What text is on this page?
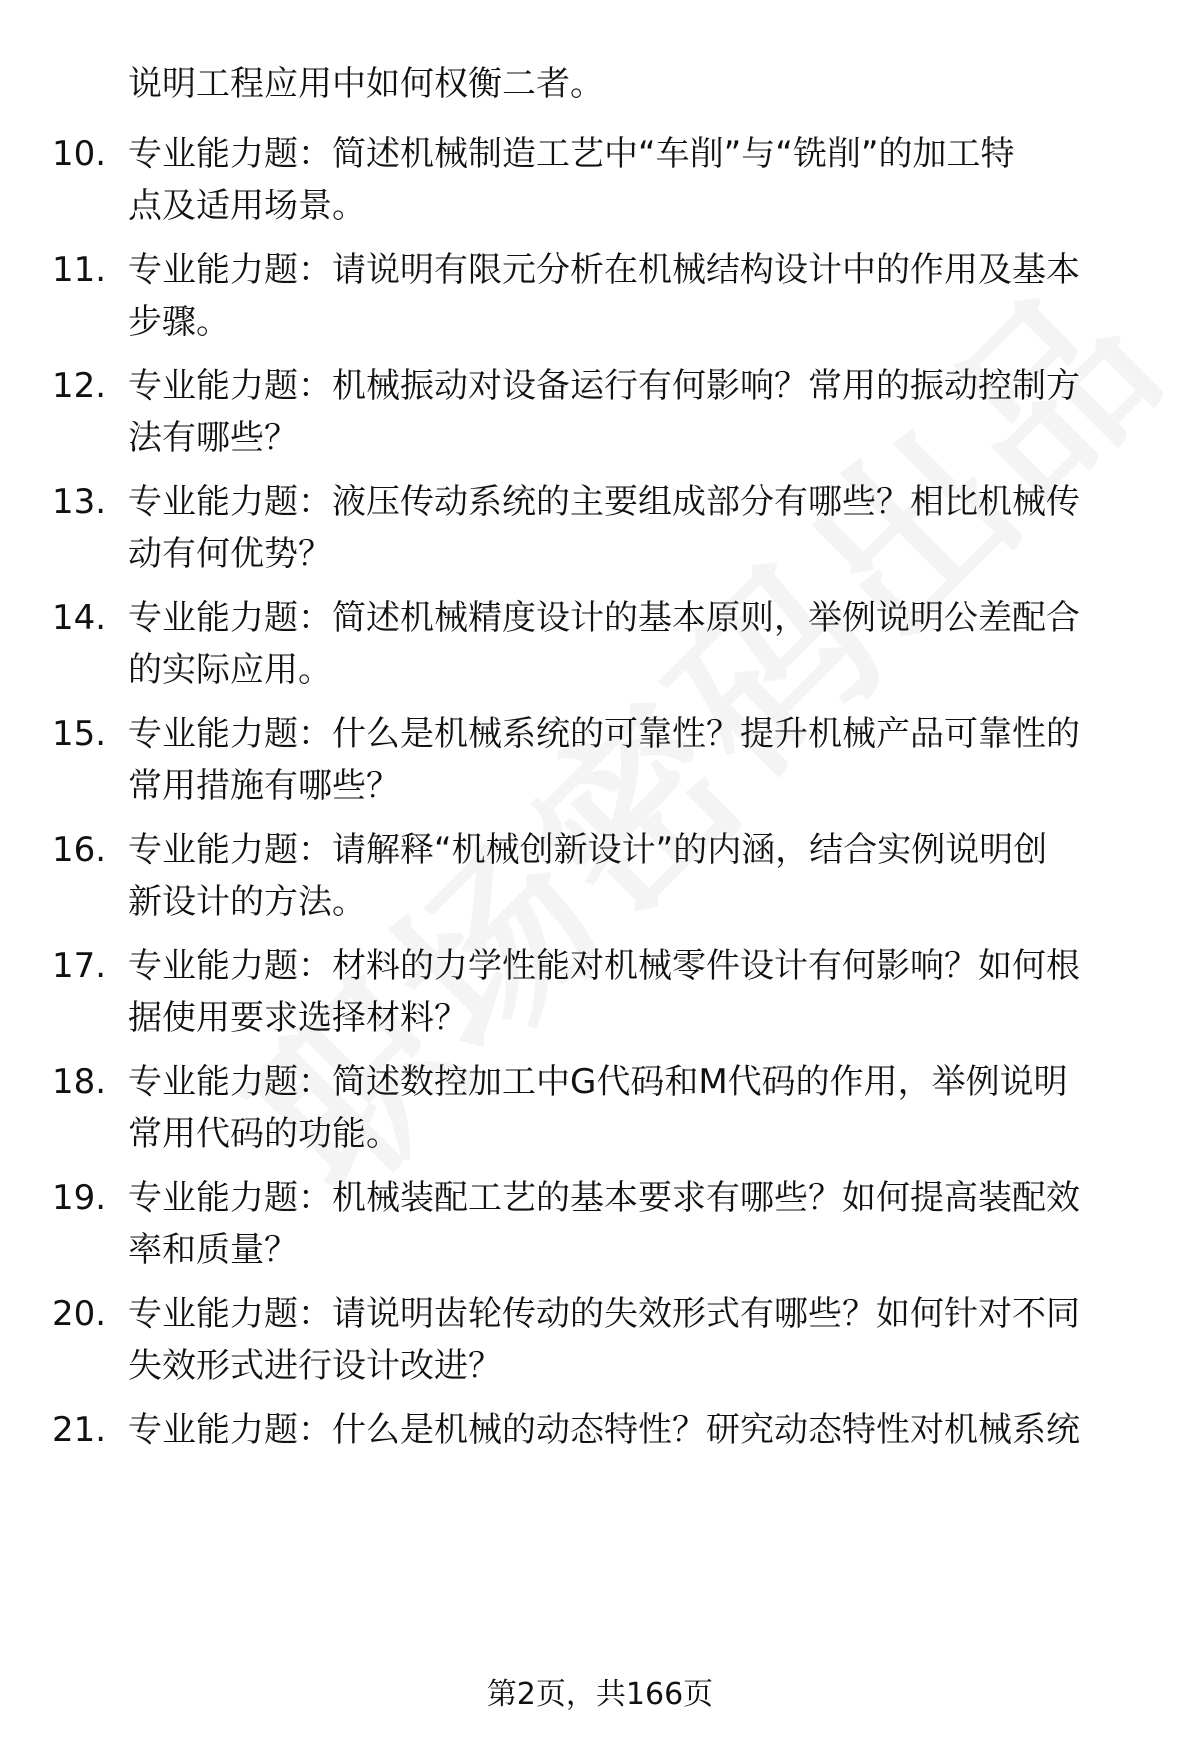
说明工程应用中如何权衡二者。
10. 专业能力题：简述机械制造工艺中“车削”与“铣削”的加工特
点及适用场景。
11. 专业能力题：请说明有限元分析在机械结构设计中的作用及基本
步骤。
12. 专业能力题：机械振动对设备运行有何影响？常用的振动控制方
法有哪些？
13. 专业能力题：液压传动系统的主要组成部分有哪些？相比机械传
动有何优势？
14. 专业能力题：简述机械精度设计的基本原则，举例说明公差配合
的实际应用。
15. 专业能力题：什么是机械系统的可靠性？提升机械产品可靠性的
常用措施有哪些？
16. 专业能力题：请解释“机械创新设计”的内涵，结合实例说明创
新设计的方法。
17. 专业能力题：材料的力学性能对机械零件设计有何影响？如何根
据使用要求选择材料？
18. 专业能力题：简述数控加工中G代码和M代码的作用，举例说明
常用代码的功能。
19. 专业能力题：机械装配工艺的基本要求有哪些？如何提高装配效
率和质量？
20. 专业能力题：请说明齿轮传动的失效形式有哪些？如何针对不同
失效形式进行设计改进？
21. 专业能力题：什么是机械的动态特性？研究动态特性对机械系统
第2页，共166页
